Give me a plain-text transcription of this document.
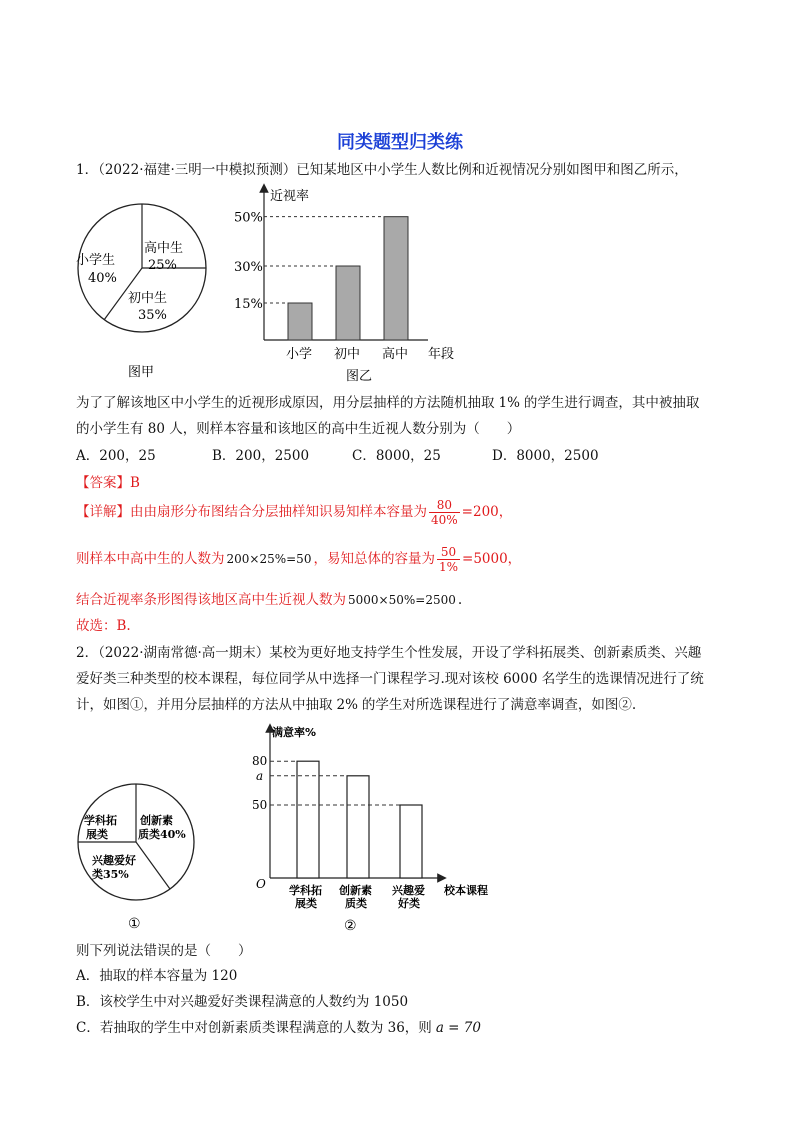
同类题型归类练
1．（2022·福建·三明一中模拟预测）已知某地区中小学生人数比例和近视情况分别如图甲和图乙所示，
小学生
40%
高中生
25%
初中生
35%
图甲
近视率
年段
图乙
15%
小学
30%
初中
50%
高中
为了了解该地区中小学生的近视形成原因，用分层抽样的方法随机抽取 1% 的学生进行调查，其中被抽取
的小学生有 80 人，则样本容量和该地区的高中生近视人数分别为（　　）
A．200，25	B．200，2500	C．8000，25	D．8000，2500
【答案】B
【详解】由由扇形分布图结合分层抽样知识易知样本容量为 $\frac{80}{40\%} =200$，
则样本中高中生的人数为 200×25%=50 ，易知总体的容量为 $\frac{50}{1\%} =5000$，
结合近视率条形图得该地区高中生近视人数为 5000×50%=2500 .
故选：B.
2．（2022·湖南常德·高一期末）某校为更好地支持学生个性发展，开设了学科拓展类、创新素质类、兴趣
爱好类三种类型的校本课程，每位同学从中选择一门课程学习.现对该校 6000 名学生的选课情况进行了统
计，如图①，并用分层抽样的方法从中抽取 2% 的学生对所选课程进行了满意率调查，如图②.
学科拓
展类
创新素
质类40%
兴趣爱好
类35%
①
满意率%
校本课程
O
②
80
学科拓
展类
a
创新素
质类
50
兴趣爱
好类
则下列说法错误的是（　　）
A．抽取的样本容量为 120
B．该校学生中对兴趣爱好类课程满意的人数约为 1050
C．若抽取的学生中对创新素质类课程满意的人数为 36，则 a = 70
